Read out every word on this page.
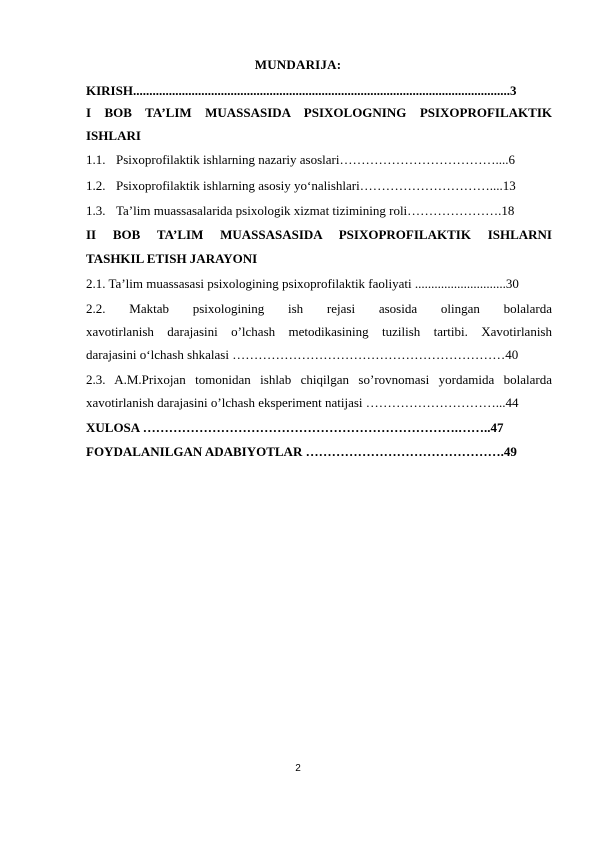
MUNDARIJA:
KIRISH....................................................................................................................3
I BOB TA’LIM MUASSASIDA PSIXOLOGNING PSIXOPROFILAKTIK
ISHLARI
1.1. Psixoprofilaktik ishlarning nazariy asoslari………………………………....6
1.2. Psixoprofilaktik ishlarning asosiy yo‘nalishlari…………………………....13
1.3. Ta’lim muassasalarida psixologik xizmat tizimining roli………………….18
II BOB TA’LIM MUASSASASIDA PSIXOPROFILAKTIK ISHLARNI
TASHKIL ETISH JARAYONI
2.1. Ta’lim muassasasi psixologining psixoprofilaktik faoliyati ............................30
2.2. Maktab psixologining ish rejasi asosida olingan bolalarda
xavotirlanish darajasini o’lchash metodikasining tuzilish tartibi. Xavotirlanish
darajasini o‘lchash shkalasi ………………………………………………………40
2.3. A.M.Prixojan tomonidan ishlab chiqilgan so’rovnomasi yordamida bolalarda
xavotirlanish darajasini o’lchash eksperiment natijasi …………………………...44
XULOSA ……………………………………………………………….……..47
FOYDALANILGAN ADABIYOTLAR ……………………………………….49
2
